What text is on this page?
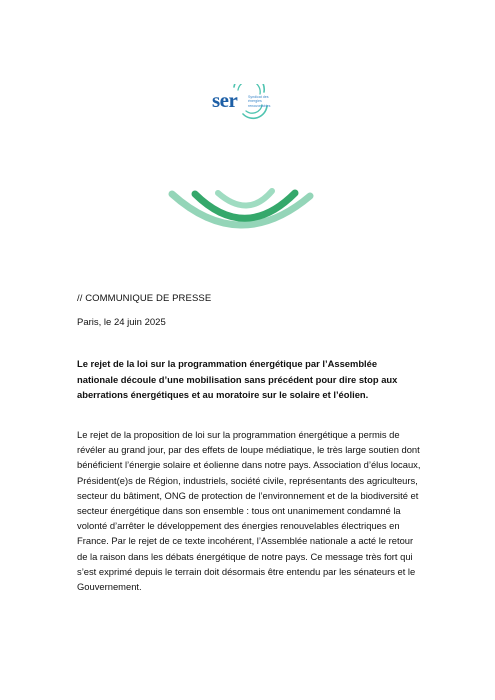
ser	Syndicat des énergies renouvelables
// COMMUNIQUE DE PRESSE
Paris, le 24 juin 2025
Le rejet de la loi sur la programmation énergétique par l’Assemblée nationale découle d’une mobilisation sans précédent pour dire stop aux aberrations énergétiques et au moratoire sur le solaire et l’éolien.
Le rejet de la proposition de loi sur la programmation énergétique a permis de révéler au grand jour, par des effets de loupe médiatique, le très large soutien dont bénéficient l’énergie solaire et éolienne dans notre pays. Association d’élus locaux, Président(e)s de Région, industriels, société civile, représentants des agriculteurs, secteur du bâtiment, ONG de protection de l’environnement et de la biodiversité et secteur énergétique dans son ensemble : tous ont unanimement condamné la volonté d’arrêter le développement des énergies renouvelables électriques en France. Par le rejet de ce texte incohérent, l’Assemblée nationale a acté le retour de la raison dans les débats énergétique de notre pays. Ce message très fort qui s’est exprimé depuis le terrain doit désormais être entendu par les sénateurs et le Gouvernement.
